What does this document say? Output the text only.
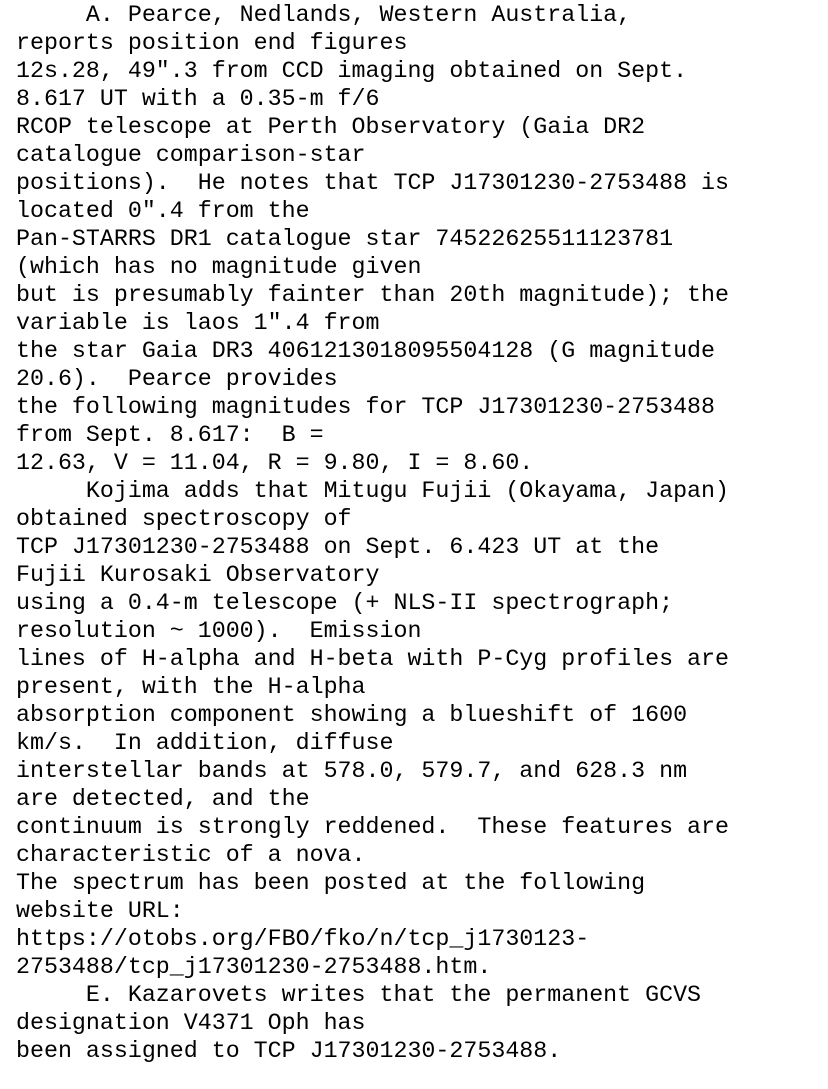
A. Pearce, Nedlands, Western Australia,
reports position end figures
12s.28, 49".3 from CCD imaging obtained on Sept.
8.617 UT with a 0.35-m f/6
RCOP telescope at Perth Observatory (Gaia DR2
catalogue comparison-star
positions).  He notes that TCP J17301230-2753488 is
located 0".4 from the
Pan-STARRS DR1 catalogue star 74522625511123781
(which has no magnitude given
but is presumably fainter than 20th magnitude); the
variable is laos 1".4 from
the star Gaia DR3 4061213018095504128 (G magnitude
20.6).  Pearce provides
the following magnitudes for TCP J17301230-2753488
from Sept. 8.617:  B =
12.63, V = 11.04, R = 9.80, I = 8.60.
Kojima adds that Mitugu Fujii (Okayama, Japan)
obtained spectroscopy of
TCP J17301230-2753488 on Sept. 6.423 UT at the
Fujii Kurosaki Observatory
using a 0.4-m telescope (+ NLS-II spectrograph;
resolution ~ 1000).  Emission
lines of H-alpha and H-beta with P-Cyg profiles are
present, with the H-alpha
absorption component showing a blueshift of 1600
km/s.  In addition, diffuse
interstellar bands at 578.0, 579.7, and 628.3 nm
are detected, and the
continuum is strongly reddened.  These features are
characteristic of a nova.
The spectrum has been posted at the following
website URL:
https://otobs.org/FBO/fko/n/tcp_j1730123-
2753488/tcp_j17301230-2753488.htm.
E. Kazarovets writes that the permanent GCVS
designation V4371 Oph has
been assigned to TCP J17301230-2753488.
